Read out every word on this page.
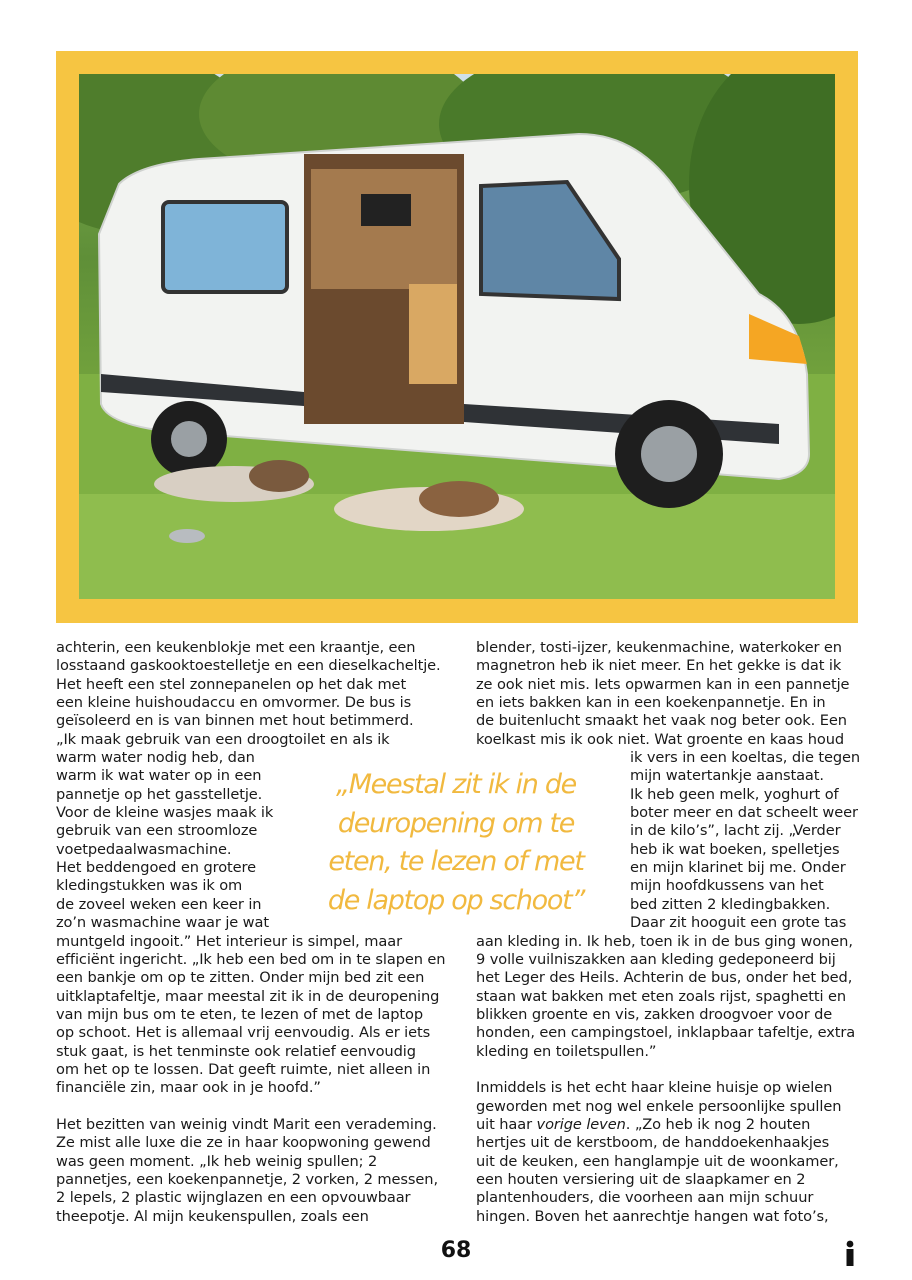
achterin, een keukenblokje met een kraantje, een

losstaand gaskooktoestelletje en een dieselkacheltje.

Het heeft een stel zonnepanelen op het dak met

een kleine huishoudaccu en omvormer. De bus is

geïsoleerd en is van binnen met hout betimmerd.

„Ik maak gebruik van een droogtoilet en als ik

warm water nodig heb, dan

warm ik wat water op in een

pannetje op het gasstelletje.

Voor de kleine wasjes maak ik

gebruik van een stroomloze

voetpedaalwasmachine.

Het beddengoed en grotere

kledingstukken was ik om

de zoveel weken een keer in

zo’n wasmachine waar je wat

muntgeld ingooit.” Het interieur is simpel, maar

efficiënt ingericht. „Ik heb een bed om in te slapen en

een bankje om op te zitten. Onder mijn bed zit een

uitklaptafeltje, maar meestal zit ik in de deuropening

van mijn bus om te eten, te lezen of met de laptop

op schoot. Het is allemaal vrij eenvoudig. Als er iets

stuk gaat, is het tenminste ook relatief eenvoudig

om het op te lossen. Dat geeft ruimte, niet alleen in

financiële zin, maar ook in je hoofd.”

Het bezitten van weinig vindt Marit een verademing.

Ze mist alle luxe die ze in haar koopwoning gewend

was geen moment. „Ik heb weinig spullen; 2

pannetjes, een koekenpannetje, 2 vorken, 2 messen,

2 lepels, 2 plastic wijnglazen en een opvouwbaar

theepotje. Al mijn keukenspullen, zoals een

blender, tosti-ijzer, keukenmachine, waterkoker en

magnetron heb ik niet meer. En het gekke is dat ik

ze ook niet mis. Iets opwarmen kan in een pannetje

en iets bakken kan in een koekenpannetje. En in

de buitenlucht smaakt het vaak nog beter ook. Een

koelkast mis ik ook niet. Wat groente en kaas houd

ik vers in een koeltas, die tegen

mijn watertankje aanstaat.

Ik heb geen melk, yoghurt of

boter meer en dat scheelt weer

in de kilo’s”, lacht zij. „Verder

heb ik wat boeken, spelletjes

en mijn klarinet bij me. Onder

mijn hoofdkussens van het

bed zitten 2 kledingbakken.

Daar zit hooguit een grote tas

aan kleding in. Ik heb, toen ik in de bus ging wonen,

9 volle vuilniszakken aan kleding gedeponeerd bij

het Leger des Heils. Achterin de bus, onder het bed,

staan wat bakken met eten zoals rijst, spaghetti en

blikken groente en vis, zakken droogvoer voor de

honden, een campingstoel, inklapbaar tafeltje, extra

kleding en toiletspullen.”

Inmiddels is het echt haar kleine huisje op wielen

geworden met nog wel enkele persoonlijke spullen

uit haar vorige leven. „Zo heb ik nog 2 houten

hertjes uit de kerstboom, de handdoekenhaakjes

uit de keuken, een hanglampje uit de woonkamer,

een houten versiering uit de slaapkamer en 2

plantenhouders, die voorheen aan mijn schuur

hingen. Boven het aanrechtje hangen wat foto’s,

„Meestal zit ik in de

deuropening om te

eten, te lezen of met

de laptop op schoot”

68
